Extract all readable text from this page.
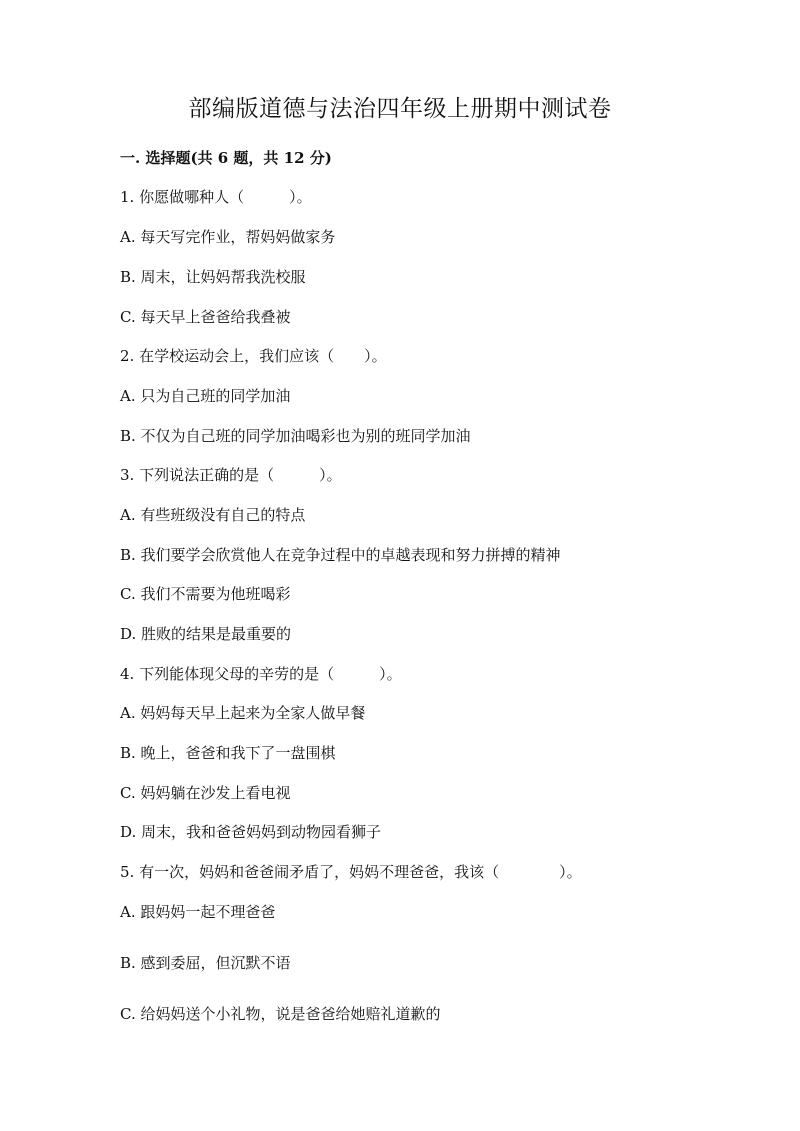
部编版道德与法治四年级上册期中测试卷
一. 选择题(共 6 题，共 12 分)
1. 你愿做哪种人（　　　）。
A. 每天写完作业，帮妈妈做家务
B. 周末，让妈妈帮我洗校服
C. 每天早上爸爸给我叠被
2. 在学校运动会上，我们应该（　　）。
A. 只为自己班的同学加油
B. 不仅为自己班的同学加油喝彩也为别的班同学加油
3. 下列说法正确的是（　　　）。
A. 有些班级没有自己的特点
B. 我们要学会欣赏他人在竞争过程中的卓越表现和努力拼搏的精神
C. 我们不需要为他班喝彩
D. 胜败的结果是最重要的
4. 下列能体现父母的辛劳的是（　　　）。
A. 妈妈每天早上起来为全家人做早餐
B. 晚上，爸爸和我下了一盘围棋
C. 妈妈躺在沙发上看电视
D. 周末，我和爸爸妈妈到动物园看狮子
5. 有一次，妈妈和爸爸闹矛盾了，妈妈不理爸爸，我该（　　　　）。
A. 跟妈妈一起不理爸爸
B. 感到委屈，但沉默不语
C. 给妈妈送个小礼物，说是爸爸给她赔礼道歉的
